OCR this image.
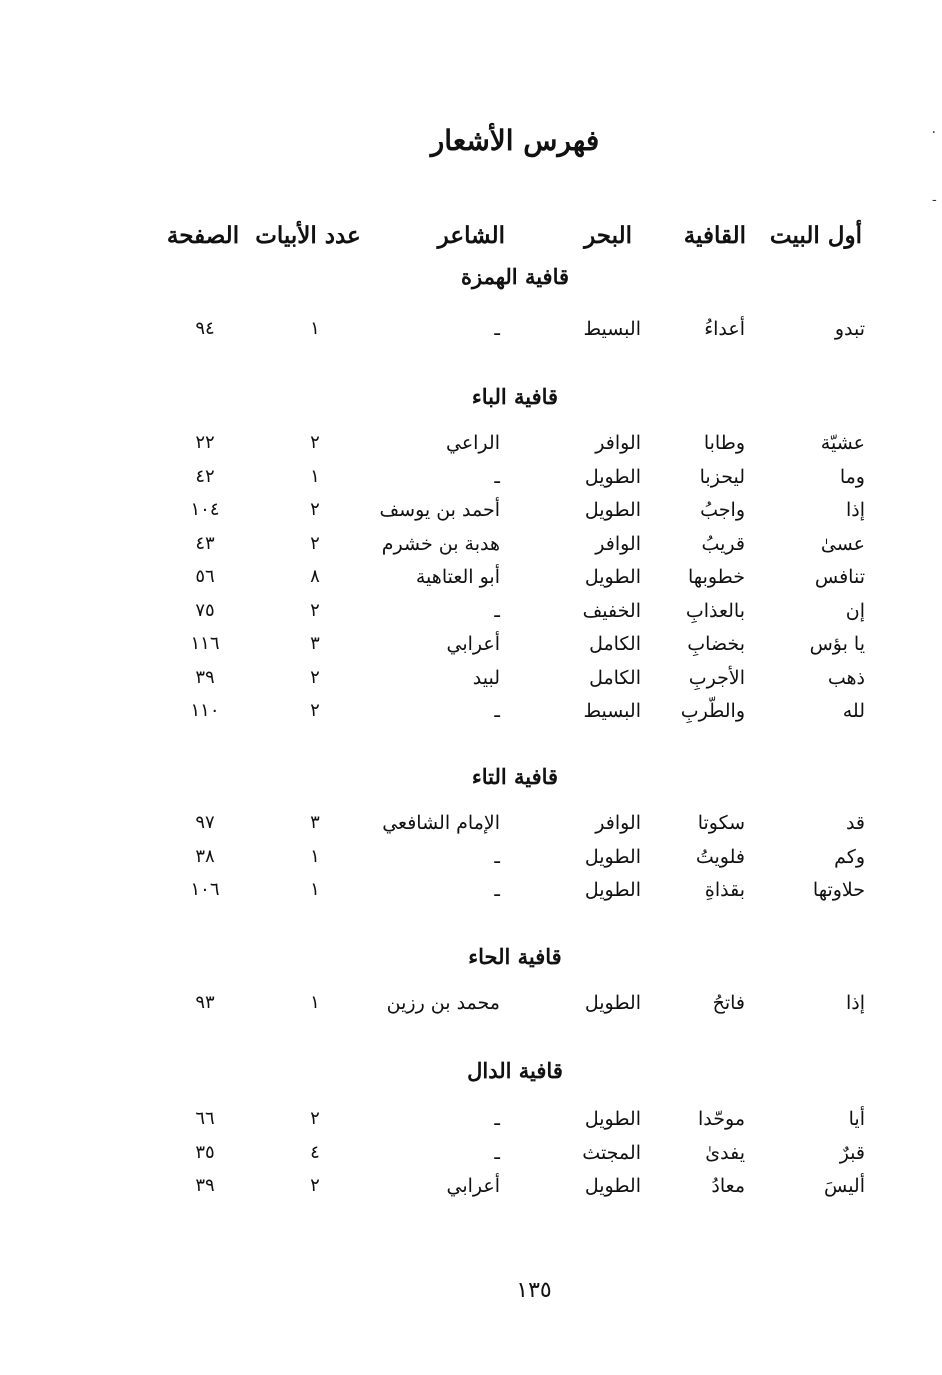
فهرس الأشعار
أول البيت
القافية
البحر
الشاعر
عدد الأبيات
الصفحة
قافية الهمزة
تبدو
أعداءُ
البسيط
ـ
١
٩٤
قافية الباء
عشيّة
وطابا
الوافر
الراعي
٢
٢٢
وما
ليحزبا
الطويل
ـ
١
٤٢
إذا
واجبُ
الطويل
أحمد بن يوسف
٢
١٠٤
عسىٰ
قريبُ
الوافر
هدبة بن خشرم
٢
٤٣
تنافس
خطوبها
الطويل
أبو العتاهية
٨
٥٦
إن
بالعذابِ
الخفيف
ـ
٢
٧٥
يا بؤس
بخضابِ
الكامل
أعرابي
٣
١١٦
ذهب
الأجربِ
الكامل
لبيد
٢
٣٩
لله
والطّربِ
البسيط
ـ
٢
١١٠
قافية التاء
قد
سكوتا
الوافر
الإمام الشافعي
٣
٩٧
وكم
فلويتُ
الطويل
ـ
١
٣٨
حلاوتها
بقذاةِ
الطويل
ـ
١
١٠٦
قافية الحاء
إذا
فاتحُ
الطويل
محمد بن رزين
١
٩٣
قافية الدال
أيا
موحّدا
الطويل
ـ
٢
٦٦
قبرٌ
يفدىٰ
المجتث
ـ
٤
٣٥
أليسَ
معادُ
الطويل
أعرابي
٢
٣٩
١٣٥
٠
-
